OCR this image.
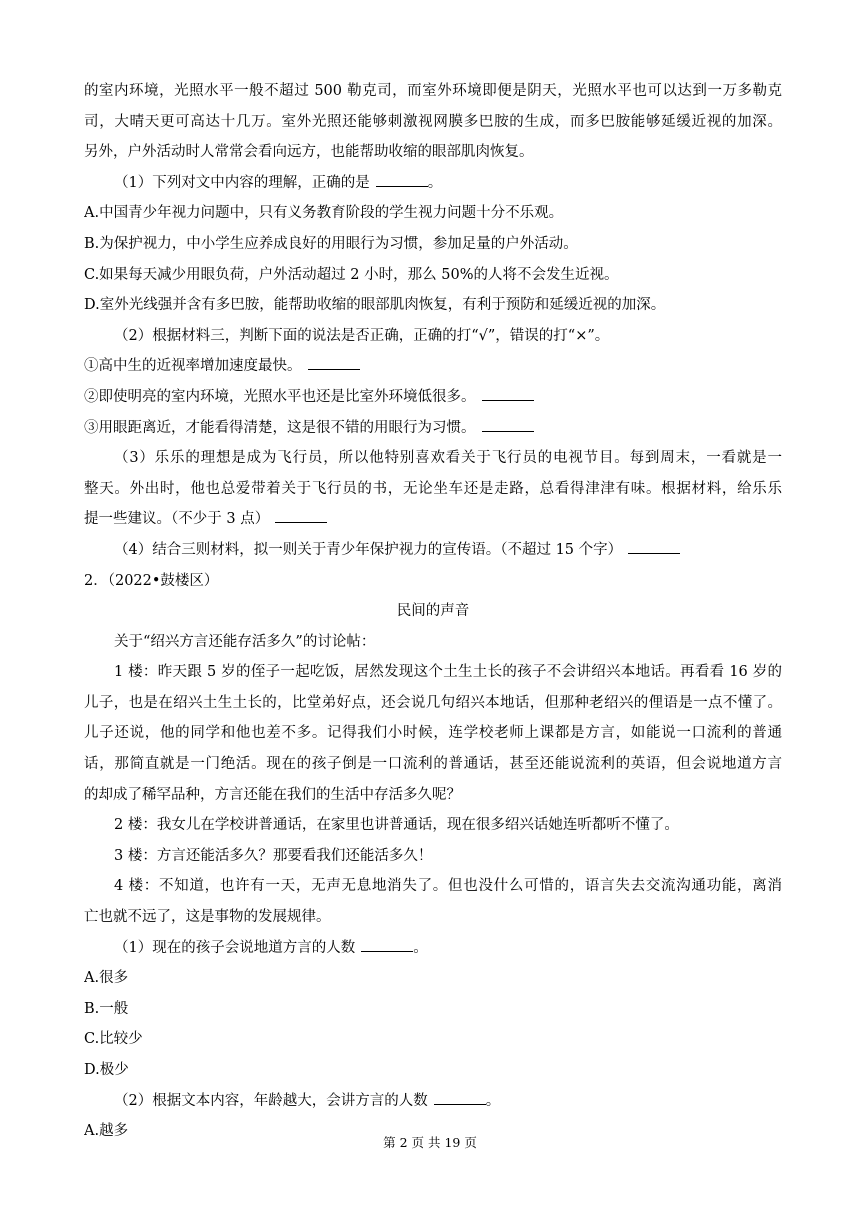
的室内环境，光照水平一般不超过 500 勒克司，而室外环境即便是阴天，光照水平也可以达到一万多勒克
司，大晴天更可高达十几万。室外光照还能够刺激视网膜多巴胺的生成，而多巴胺能够延缓近视的加深。
另外，户外活动时人常常会看向远方，也能帮助收缩的眼部肌肉恢复。
（1）下列对文中内容的理解，正确的是	。
A.中国青少年视力问题中，只有义务教育阶段的学生视力问题十分不乐观。
B.为保护视力，中小学生应养成良好的用眼行为习惯，参加足量的户外活动。
C.如果每天减少用眼负荷，户外活动超过 2 小时，那么 50%的人将不会发生近视。
D.室外光线强并含有多巴胺，能帮助收缩的眼部肌肉恢复，有利于预防和延缓近视的加深。
（2）根据材料三，判断下面的说法是否正确，正确的打“√”，错误的打“×”。
①高中生的近视率增加速度最快。
②即使明亮的室内环境，光照水平也还是比室外环境低很多。
③用眼距离近，才能看得清楚，这是很不错的用眼行为习惯。
（3）乐乐的理想是成为飞行员，所以他特别喜欢看关于飞行员的电视节目。每到周末，一看就是一
整天。外出时，他也总爱带着关于飞行员的书，无论坐车还是走路，总看得津津有味。根据材料，给乐乐
提一些建议。（不少于 3 点）
（4）结合三则材料，拟一则关于青少年保护视力的宣传语。（不超过 15 个字）
2．（2022•鼓楼区）
民间的声音
关于“绍兴方言还能存活多久”的讨论帖：
1 楼：昨天跟 5 岁的侄子一起吃饭，居然发现这个土生土长的孩子不会讲绍兴本地话。再看看 16 岁的
儿子，也是在绍兴土生土长的，比堂弟好点，还会说几句绍兴本地话，但那种老绍兴的俚语是一点不懂了。
儿子还说，他的同学和他也差不多。记得我们小时候，连学校老师上课都是方言，如能说一口流利的普通
话，那简直就是一门绝活。现在的孩子倒是一口流利的普通话，甚至还能说流利的英语，但会说地道方言
的却成了稀罕品种，方言还能在我们的生活中存活多久呢？
2 楼：我女儿在学校讲普通话，在家里也讲普通话，现在很多绍兴话她连听都听不懂了。
3 楼：方言还能活多久？那要看我们还能活多久！
4 楼：不知道，也许有一天，无声无息地消失了。但也没什么可惜的，语言失去交流沟通功能，离消
亡也就不远了，这是事物的发展规律。
（1）现在的孩子会说地道方言的人数	。
A.很多
B.一般
C.比较少
D.极少
（2）根据文本内容，年龄越大，会讲方言的人数	。
A.越多
第 2 页 共 19 页
